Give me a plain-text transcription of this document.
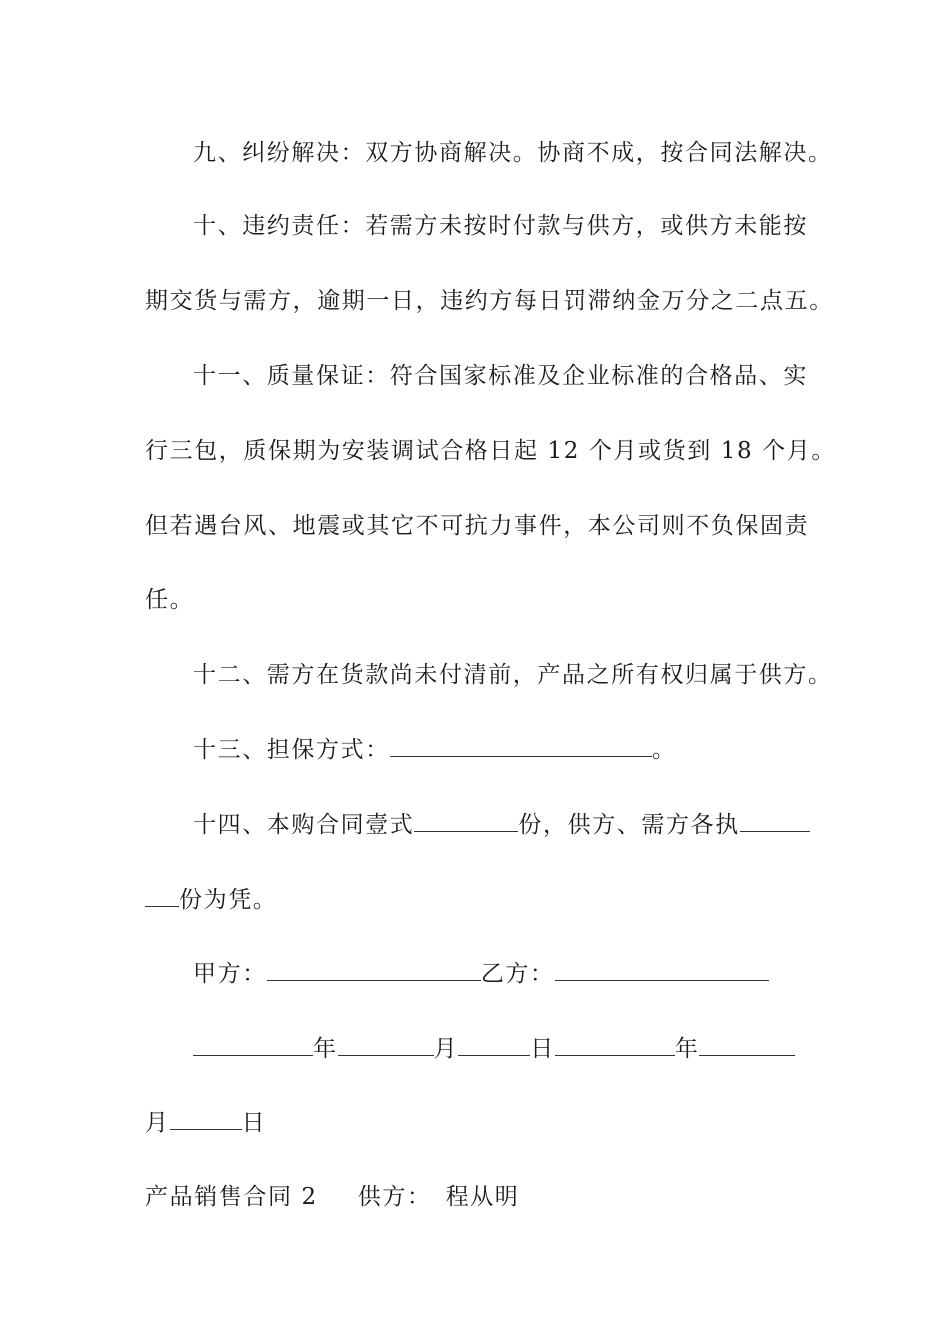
九、纠纷解决：双方协商解决。协商不成，按合同法解决。
十、违约责任：若需方未按时付款与供方，或供方未能按
期交货与需方，逾期一日，违约方每日罚滞纳金万分之二点五。
十一、质量保证：符合国家标准及企业标准的合格品、实
行三包，质保期为安装调试合格日起 12 个月或货到 18 个月。
但若遇台风、地震或其它不可抗力事件，本公司则不负保固责
任。
十二、需方在货款尚未付清前，产品之所有权归属于供方。
十三、担保方式：	。
十四、本购合同壹式	份，供方、需方各执
份为凭。
甲方：	乙方：
年	月	日	年
月	日
产品销售合同 2 供方： 程从明
